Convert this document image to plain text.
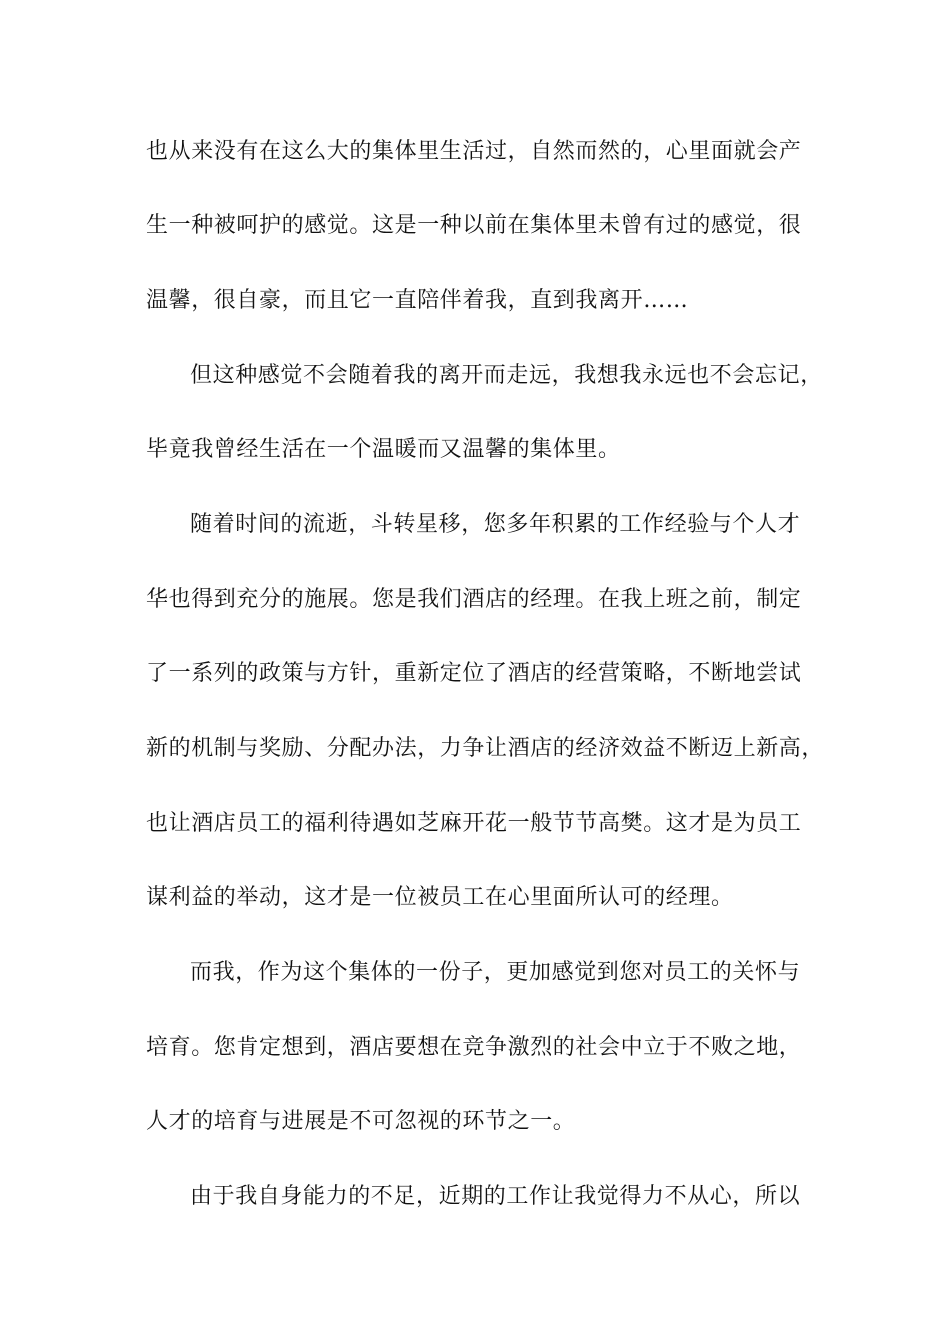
也从来没有在这么大的集体里生活过，自然而然的，心里面就会产
生一种被呵护的感觉。这是一种以前在集体里未曾有过的感觉，很
温馨，很自豪，而且它一直陪伴着我，直到我离开……
但这种感觉不会随着我的离开而走远，我想我永远也不会忘记，
毕竟我曾经生活在一个温暖而又温馨的集体里。
随着时间的流逝，斗转星移，您多年积累的工作经验与个人才
华也得到充分的施展。您是我们酒店的经理。在我上班之前，制定
了一系列的政策与方针，重新定位了酒店的经营策略，不断地尝试
新的机制与奖励、分配办法，力争让酒店的经济效益不断迈上新高，
也让酒店员工的福利待遇如芝麻开花一般节节高樊。这才是为员工
谋利益的举动，这才是一位被员工在心里面所认可的经理。
而我，作为这个集体的一份子，更加感觉到您对员工的关怀与
培育。您肯定想到，酒店要想在竞争激烈的社会中立于不败之地，
人才的培育与进展是不可忽视的环节之一。
由于我自身能力的不足，近期的工作让我觉得力不从心，所以
